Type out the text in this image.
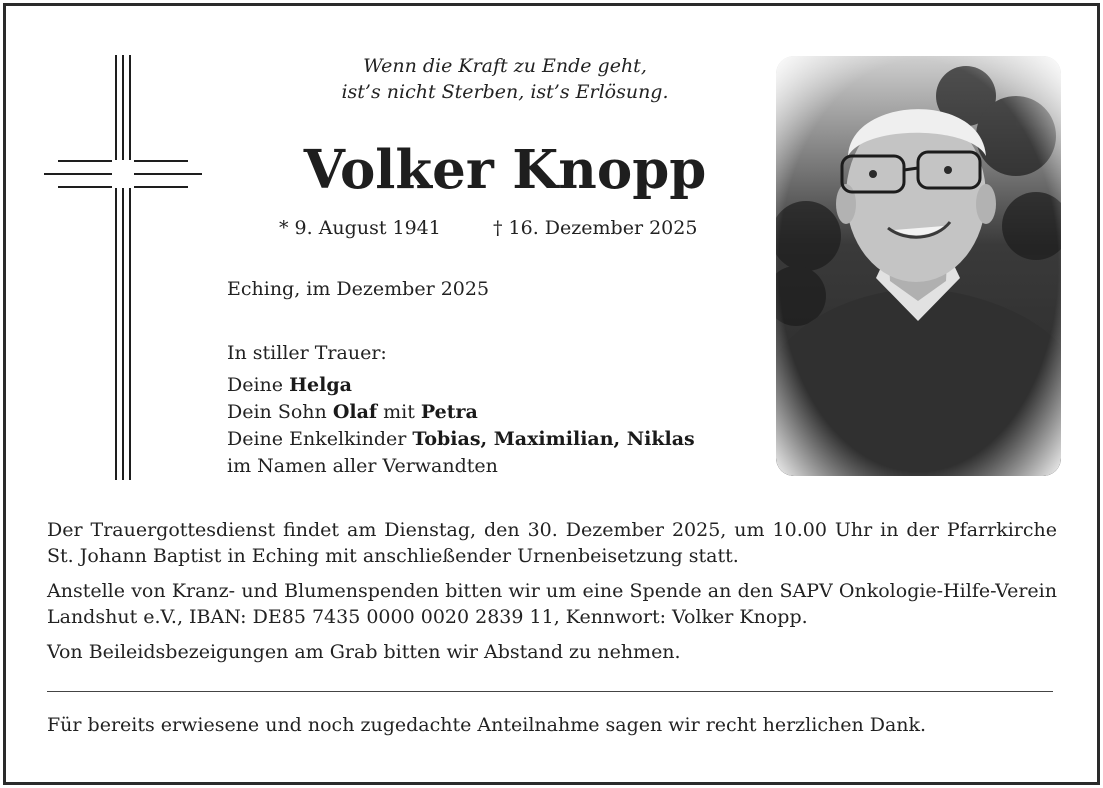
Wenn die Kraft zu Ende geht,
ist’s nicht Sterben, ist’s Erlösung.
Volker Knopp
* 9. August 1941	† 16. Dezember 2025
Eching, im Dezember 2025
In stiller Trauer:
Deine Helga
Dein Sohn Olaf mit Petra
Deine Enkelkinder Tobias, Maximilian, Niklas
im Namen aller Verwandten

Der Trauergottesdienst findet am Dienstag, den 30. Dezember 2025, um 10.00 Uhr in der Pfarrkirche St. Johann Baptist in Eching mit anschließender Urnenbeisetzung statt.

Anstelle von Kranz- und Blumenspenden bitten wir um eine Spende an den SAPV Onkologie-Hilfe-Verein Landshut e.V., IBAN: DE85 7435 0000 0020 2839 11, Kennwort: Volker Knopp.

Von Beileidsbezeigungen am Grab bitten wir Abstand zu nehmen.

Für bereits erwiesene und noch zugedachte Anteilnahme sagen wir recht herzlichen Dank.
